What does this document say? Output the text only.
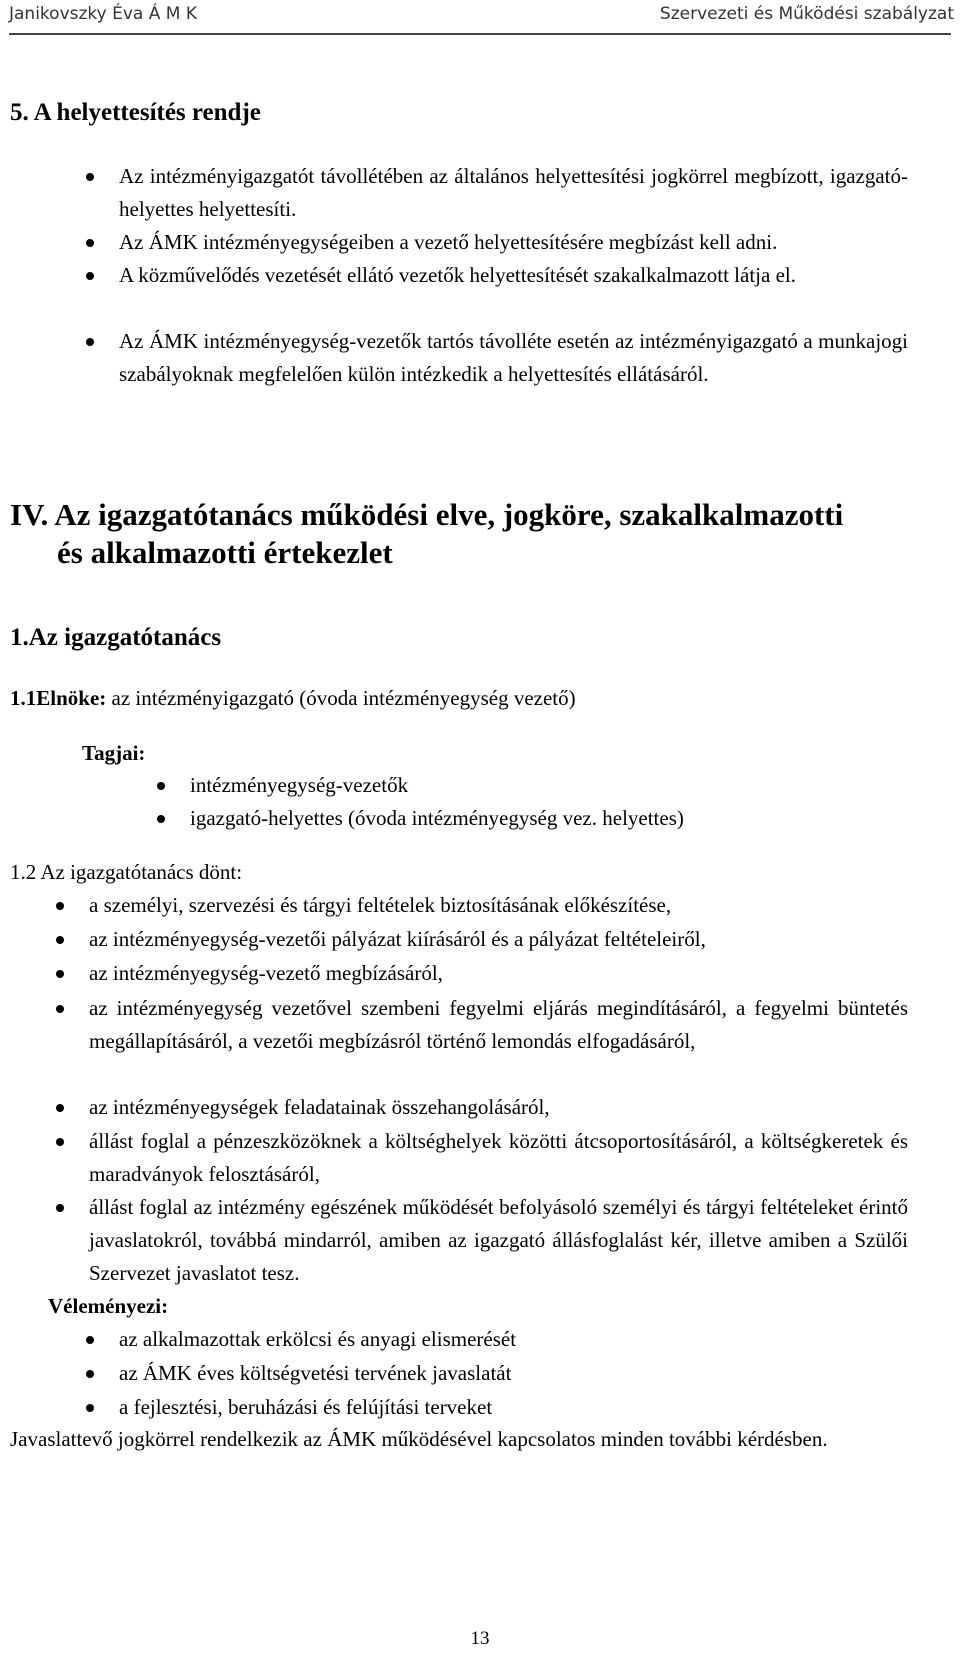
Janikovszky Éva Á M K	Szervezeti és Működési szabályzat
5. A helyettesítés rendje
Az intézményigazgatót távollétében az általános helyettesítési jogkörrel megbízott, igazgató-helyettes helyettesíti.
Az ÁMK intézményegységeiben a vezető helyettesítésére megbízást kell adni.
A közművelődés vezetését ellátó vezetők helyettesítését szakalkalmazott látja el.
Az ÁMK intézményegység-vezetők tartós távolléte esetén az intézményigazgató a munkajogi szabályoknak megfelelően külön intézkedik a helyettesítés ellátásáról.
IV. Az igazgatótanács működési elve, jogköre, szakalkalmazotti
és alkalmazotti értekezlet
1.Az igazgatótanács
1.1Elnöke: az intézményigazgató (óvoda intézményegység vezető)
Tagjai:
intézményegység-vezetők
igazgató-helyettes (óvoda intézményegység vez. helyettes)
1.2 Az igazgatótanács dönt:
a személyi, szervezési és tárgyi feltételek biztosításának előkészítése,
az intézményegység-vezetői pályázat kiírásáról és a pályázat feltételeiről,
az intézményegység-vezető megbízásáról,
az intézményegység vezetővel szembeni fegyelmi eljárás megindításáról, a fegyelmi büntetés megállapításáról, a vezetői megbízásról történő lemondás elfogadásáról,
az intézményegységek feladatainak összehangolásáról,
állást foglal a pénzeszközöknek a költséghelyek közötti átcsoportosításáról, a költségkeretek és maradványok felosztásáról,
állást foglal az intézmény egészének működését befolyásoló személyi és tárgyi feltételeket érintő javaslatokról, továbbá mindarról, amiben az igazgató állásfoglalást kér, illetve amiben a Szülői Szervezet javaslatot tesz.
Véleményezi:
az alkalmazottak erkölcsi és anyagi elismerését
az ÁMK éves költségvetési tervének javaslatát
a fejlesztési, beruházási és felújítási terveket
Javaslattevő jogkörrel rendelkezik az ÁMK működésével kapcsolatos minden további kérdésben.
13
